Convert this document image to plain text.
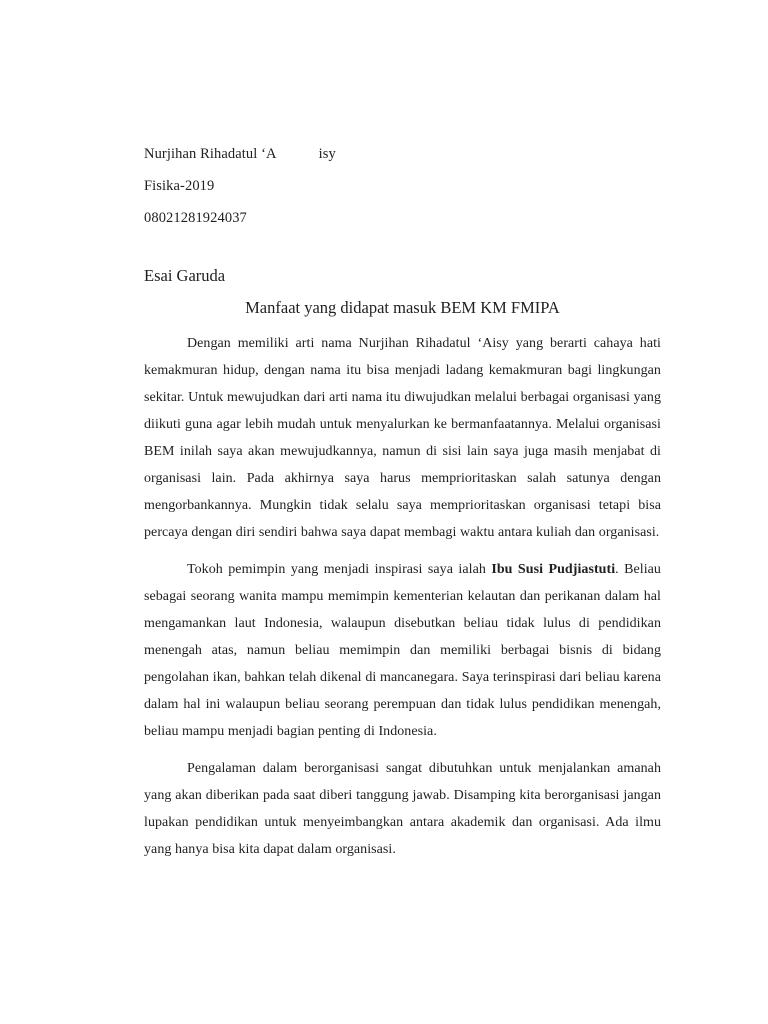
Nurjihan Rihadatul ‘A	isy
Fisika-2019
08021281924037
Esai Garuda
Manfaat yang didapat masuk BEM KM FMIPA

Dengan memiliki arti nama Nurjihan Rihadatul ‘Aisy yang berarti cahaya hati kemakmuran hidup, dengan nama itu bisa menjadi ladang kemakmuran bagi lingkungan sekitar. Untuk mewujudkan dari arti nama itu diwujudkan melalui berbagai organisasi yang diikuti guna agar lebih mudah untuk menyalurkan ke bermanfaatannya. Melalui organisasi BEM inilah saya akan mewujudkannya, namun di sisi lain saya juga masih menjabat di organisasi lain. Pada akhirnya saya harus memprioritaskan salah satunya dengan mengorbankannya. Mungkin tidak selalu saya memprioritaskan organisasi tetapi bisa percaya dengan diri sendiri bahwa saya dapat membagi waktu antara kuliah dan organisasi.

Tokoh pemimpin yang menjadi inspirasi saya ialah Ibu Susi Pudjiastuti. Beliau sebagai seorang wanita mampu memimpin kementerian kelautan dan perikanan dalam hal mengamankan laut Indonesia, walaupun disebutkan beliau tidak lulus di pendidikan menengah atas, namun beliau memimpin dan memiliki berbagai bisnis di bidang pengolahan ikan, bahkan telah dikenal di mancanegara. Saya terinspirasi dari beliau karena dalam hal ini walaupun beliau seorang perempuan dan tidak lulus pendidikan menengah, beliau mampu menjadi bagian penting di Indonesia.

Pengalaman dalam berorganisasi sangat dibutuhkan untuk menjalankan amanah yang akan diberikan pada saat diberi tanggung jawab. Disamping kita berorganisasi jangan lupakan pendidikan untuk menyeimbangkan antara akademik dan organisasi. Ada ilmu yang hanya bisa kita dapat dalam organisasi.
